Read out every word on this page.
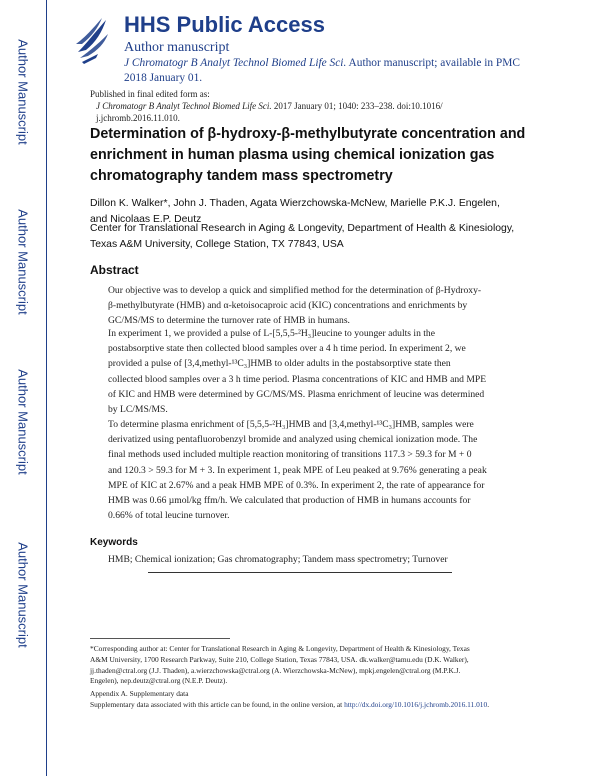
Author Manuscript
Author Manuscript
Author Manuscript
Author Manuscript
HHS Public Access
Author manuscript
J Chromatogr B Analyt Technol Biomed Life Sci. Author manuscript; available in PMC
2018 January 01.
Published in final edited form as:
J Chromatogr B Analyt Technol Biomed Life Sci. 2017 January 01; 1040: 233–238. doi:10.1016/
j.jchromb.2016.11.010.
Determination of β-hydroxy-β-methylbutyrate concentration and
enrichment in human plasma using chemical ionization gas
chromatography tandem mass spectrometry
Dillon K. Walker*, John J. Thaden, Agata Wierzchowska-McNew, Marielle P.K.J. Engelen,
and Nicolaas E.P. Deutz
Center for Translational Research in Aging & Longevity, Department of Health & Kinesiology,
Texas A&M University, College Station, TX 77843, USA
Abstract
Our objective was to develop a quick and simplified method for the determination of β-Hydroxy-
β-methylbutyrate (HMB) and α-ketoisocaproic acid (KIC) concentrations and enrichments by
GC/MS/MS to determine the turnover rate of HMB in humans.
In experiment 1, we provided a pulse of L-[5,5,5-²H₃]leucine to younger adults in the
postabsorptive state then collected blood samples over a 4 h time period. In experiment 2, we
provided a pulse of [3,4,methyl-¹³C₃]HMB to older adults in the postabsorptive state then
collected blood samples over a 3 h time period. Plasma concentrations of KIC and HMB and MPE
of KIC and HMB were determined by GC/MS/MS. Plasma enrichment of leucine was determined
by LC/MS/MS.
To determine plasma enrichment of [5,5,5-²H₃]HMB and [3,4,methyl-¹³C₃]HMB, samples were
derivatized using pentafluorobenzyl bromide and analyzed using chemical ionization mode. The
final methods used included multiple reaction monitoring of transitions 117.3 > 59.3 for M + 0
and 120.3 > 59.3 for M + 3. In experiment 1, peak MPE of Leu peaked at 9.76% generating a peak
MPE of KIC at 2.67% and a peak HMB MPE of 0.3%. In experiment 2, the rate of appearance for
HMB was 0.66 µmol/kg ffm/h. We calculated that production of HMB in humans accounts for
0.66% of total leucine turnover.
Keywords
HMB; Chemical ionization; Gas chromatography; Tandem mass spectrometry; Turnover
*Corresponding author at: Center for Translational Research in Aging & Longevity, Department of Health & Kinesiology, Texas
A&M University, 1700 Research Parkway, Suite 210, College Station, Texas 77843, USA. dk.walker@tamu.edu (D.K. Walker),
jj.thaden@ctral.org (J.J. Thaden), a.wierzchowska@ctral.org (A. Wierzchowska-McNew), mpkj.engelen@ctral.org (M.P.K.J.
Engelen), nep.deutz@ctral.org (N.E.P. Deutz).
Appendix A. Supplementary data
Supplementary data associated with this article can be found, in the online version, at http://dx.doi.org/10.1016/j.jchromb.2016.11.010.
